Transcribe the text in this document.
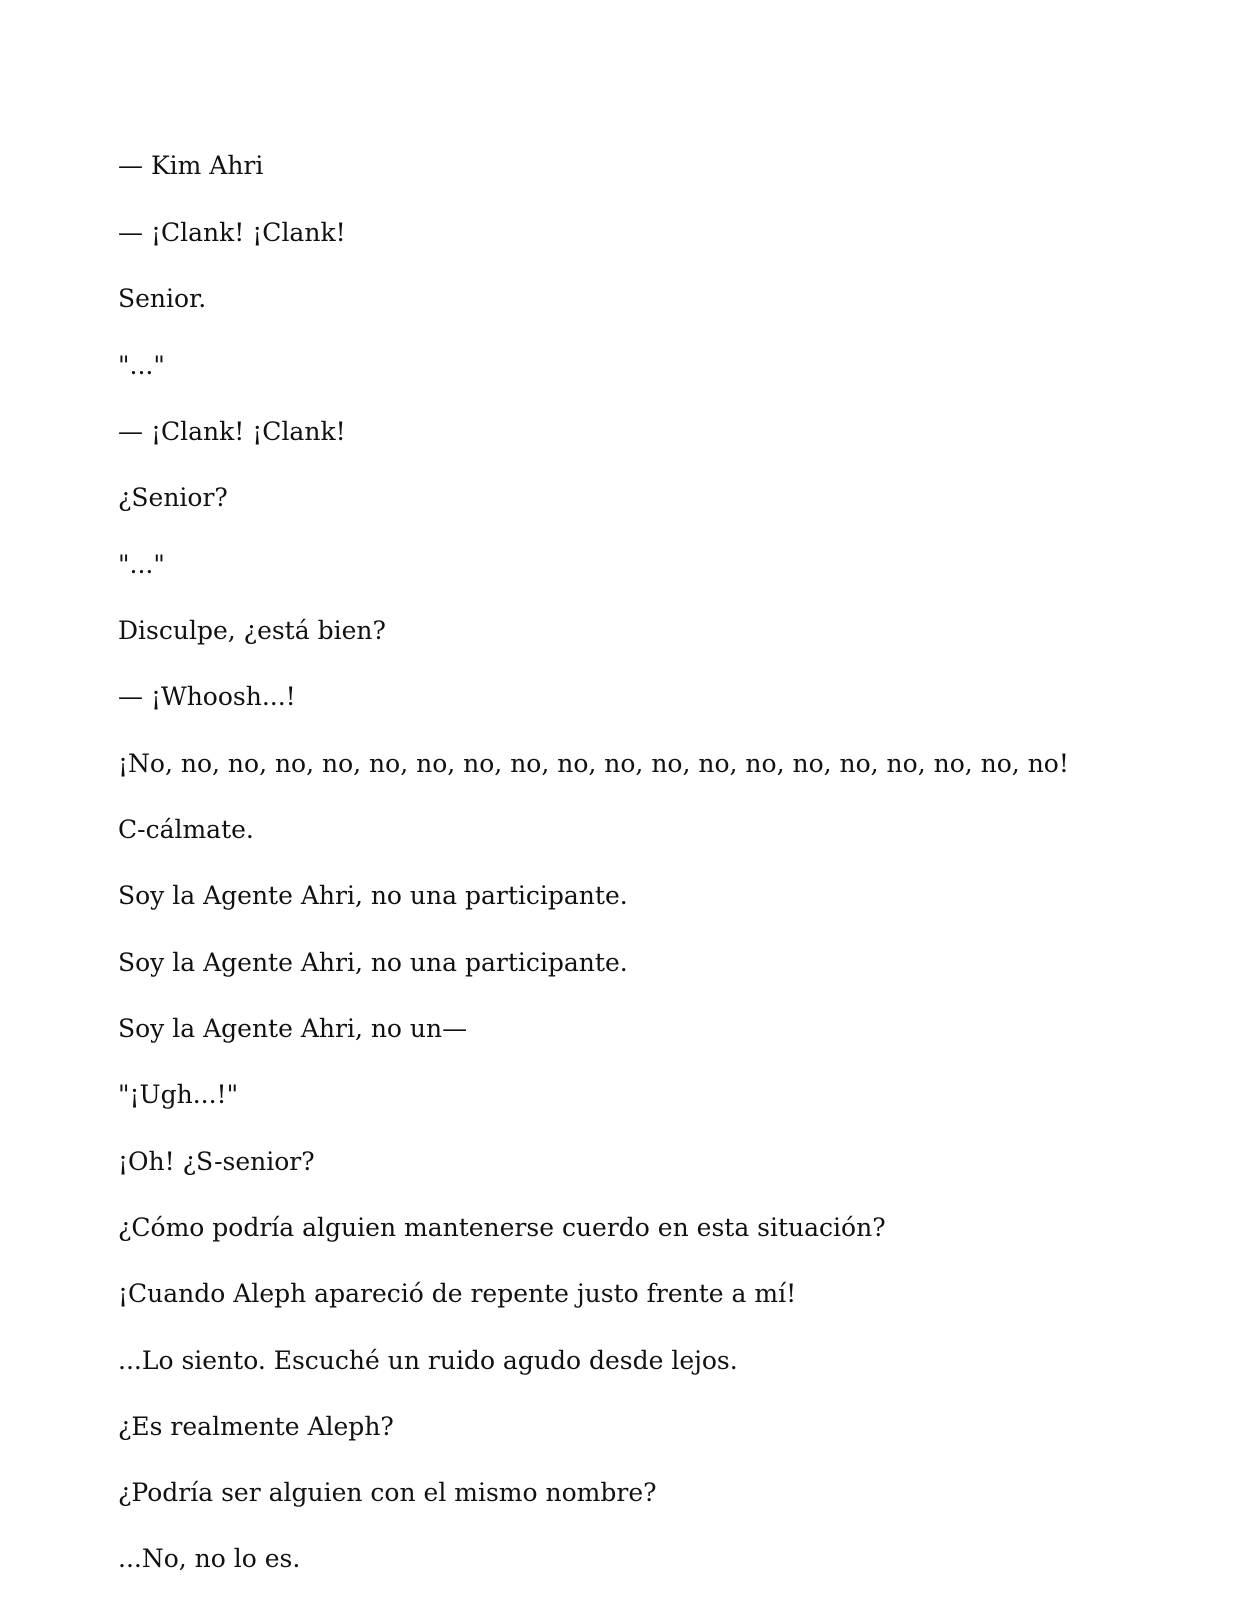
— Kim Ahri

— ¡Clank! ¡Clank!

Senior.

"..."

— ¡Clank! ¡Clank!

¿Senior?

"..."

Disculpe, ¿está bien?

— ¡Whoosh...!

¡No, no, no, no, no, no, no, no, no, no, no, no, no, no, no, no, no, no, no, no!

C-cálmate.

Soy la Agente Ahri, no una participante.

Soy la Agente Ahri, no una participante.

Soy la Agente Ahri, no un—

"¡Ugh...!"

¡Oh! ¿S-senior?

¿Cómo podría alguien mantenerse cuerdo en esta situación?

¡Cuando Aleph apareció de repente justo frente a mí!

...Lo siento. Escuché un ruido agudo desde lejos.

¿Es realmente Aleph?

¿Podría ser alguien con el mismo nombre?

...No, no lo es.
